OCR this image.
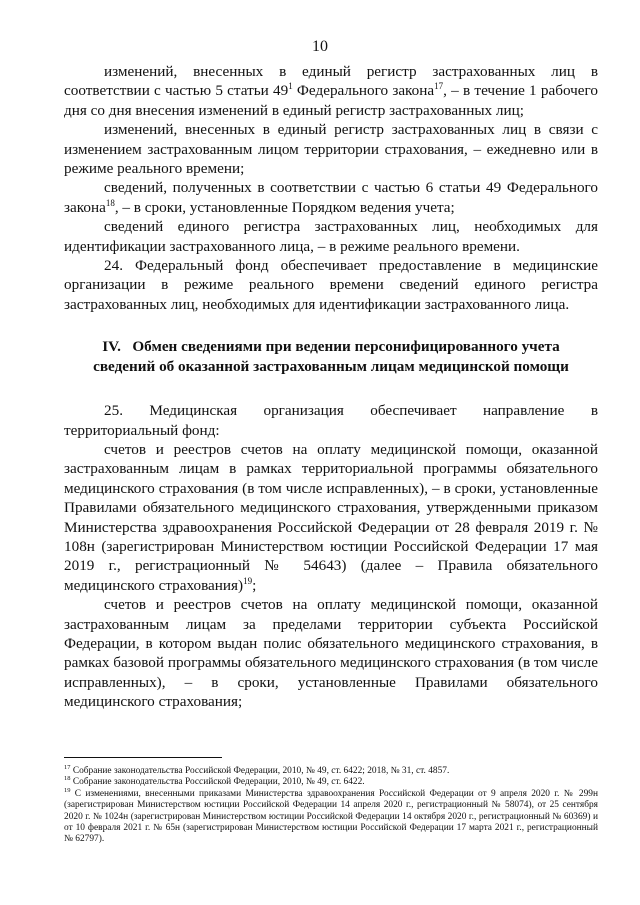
10

изменений, внесенных в единый регистр застрахованных лиц в соответствии с частью 5 статьи $49^1$ Федерального закона$^{17}$, – в течение 1 рабочего дня со дня внесения изменений в единый регистр застрахованных лиц;

изменений, внесенных в единый регистр застрахованных лиц в связи с изменением застрахованным лицом территории страхования, – ежедневно или в режиме реального времени;

сведений, полученных в соответствии с частью 6 статьи 49 Федерального закона$^{18}$, – в сроки, установленные Порядком ведения учета;

сведений единого регистра застрахованных лиц, необходимых для идентификации застрахованного лица, – в режиме реального времени.

24. Федеральный фонд обеспечивает предоставление в медицинские организации в режиме реального времени сведений единого регистра застрахованных лиц, необходимых для идентификации застрахованного лица.

IV.   Обмен сведениями при ведении персонифицированного учета
сведений об оказанной застрахованным лицам медицинской помощи

25. Медицинская организация обеспечивает направление в территориальный фонд:

счетов и реестров счетов на оплату медицинской помощи, оказанной застрахованным лицам в рамках территориальной программы обязательного медицинского страхования (в том числе исправленных), – в сроки, установленные Правилами обязательного медицинского страхования, утвержденными приказом Министерства здравоохранения Российской Федерации от 28 февраля 2019 г. № 108н (зарегистрирован Министерством юстиции Российской Федерации 17 мая 2019 г., регистрационный № 54643) (далее – Правила обязательного медицинского страхования)$^{19}$;

счетов и реестров счетов на оплату медицинской помощи, оказанной застрахованным лицам за пределами территории субъекта Российской Федерации, в котором выдан полис обязательного медицинского страхования, в рамках базовой программы обязательного медицинского страхования (в том числе исправленных), – в сроки, установленные Правилами обязательного медицинского страхования;

$^{17}$ Собрание законодательства Российской Федерации, 2010, № 49, ст. 6422; 2018, № 31, ст. 4857.

$^{18}$ Собрание законодательства Российской Федерации, 2010, № 49, ст. 6422.

$^{19}$ С изменениями, внесенными приказами Министерства здравоохранения Российской Федерации от 9 апреля 2020 г. № 299н (зарегистрирован Министерством юстиции Российской Федерации 14 апреля 2020 г., регистрационный № 58074), от 25 сентября 2020 г. № 1024н (зарегистрирован Министерством юстиции Российской Федерации 14 октября 2020 г., регистрационный № 60369) и от 10 февраля 2021 г. № 65н (зарегистрирован Министерством юстиции Российской Федерации 17 марта 2021 г., регистрационный № 62797).
